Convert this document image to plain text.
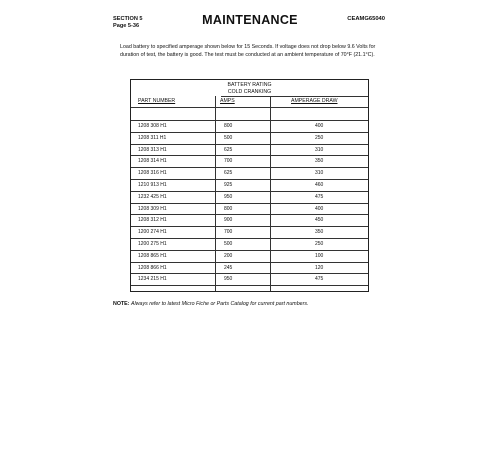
SECTION 5
Page 5-36	MAINTENANCE	CEAMG65040
Load battery to specified amperage shown below for 15 Seconds. If voltage does not drop below 9.6 Volts for duration of test, the battery is good. The test must be conducted at an ambient temperature of 70°F (21.1°C).
BATTERY RATING
COLD CRANKING
PART NUMBER	AMPS	AMPERAGE DRAW
1208 308 H1	800	400
1208 311 H1	500	250
1208 313 H1	625	310
1208 314 H1	700	350
1208 316 H1	625	310
1210 913 H1	925	460
1232 425 H1	950	475
1208 309 H1	800	400
1208 312 H1	900	450
1200 274 H1	700	350
1200 275 H1	500	250
1208 865 H1	200	100
1208 866 H1	245	120
1234 215 H1	950	475
NOTE: Always refer to latest Micro Fiche or Parts Catalog for current part numbers.
